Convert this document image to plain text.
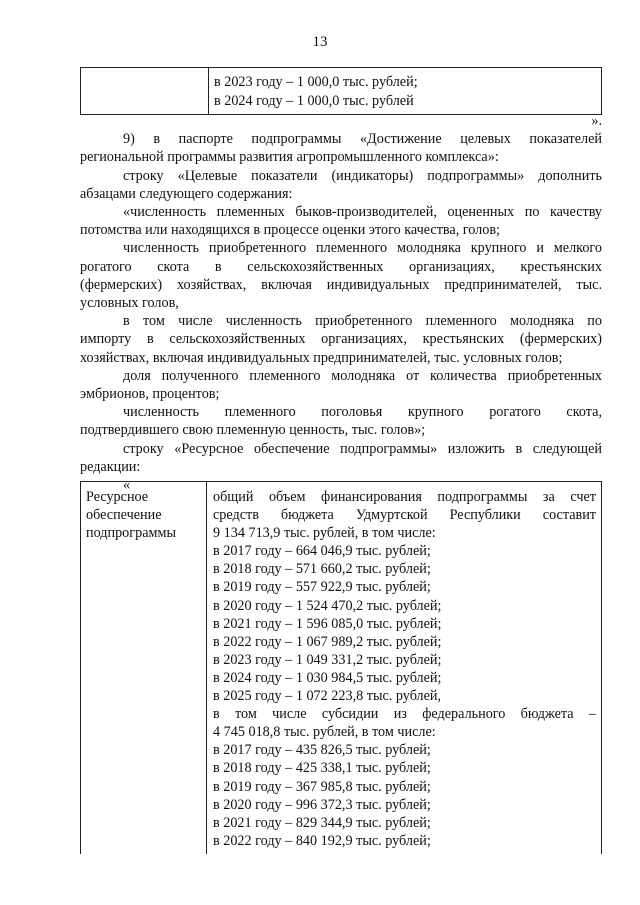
13

в 2023 году – 1 000,0 тыс. рублей;
в 2024 году – 1 000,0 тыс. рублей

».

9) в паспорте подпрограммы «Достижение целевых показателей

региональной программы развития агропромышленного комплекса»:

строку «Целевые показатели (индикаторы) подпрограммы» дополнить

абзацами следующего содержания:

«численность племенных быков-производителей, оцененных по качеству

потомства или находящихся в процессе оценки этого качества, голов;

численность приобретенного племенного молодняка крупного и мелкого

рогатого скота в сельскохозяйственных организациях, крестьянских

(фермерских) хозяйствах, включая индивидуальных предпринимателей, тыс.

условных голов,

в том числе численность приобретенного племенного молодняка по

импорту в сельскохозяйственных организациях, крестьянских (фермерских)

хозяйствах, включая индивидуальных предпринимателей, тыс. условных голов;

доля полученного племенного молодняка от количества приобретенных

эмбрионов, процентов;

численность племенного поголовья крупного рогатого скота,

подтвердившего свою племенную ценность, тыс. голов»;

строку «Ресурсное обеспечение подпрограммы» изложить в следующей

редакции:

«

Ресурсное обеспечение подпрограммы	
общий объем финансирования подпрограммы за счет
средств бюджета Удмуртской Республики составит
9 134 713,9 тыс. рублей, в том числе:
в 2017 году – 664 046,9 тыс. рублей;
в 2018 году – 571 660,2 тыс. рублей;
в 2019 году – 557 922,9 тыс. рублей;
в 2020 году – 1 524 470,2 тыс. рублей;
в 2021 году – 1 596 085,0 тыс. рублей;
в 2022 году – 1 067 989,2 тыс. рублей;
в 2023 году – 1 049 331,2 тыс. рублей;
в 2024 году – 1 030 984,5 тыс. рублей;
в 2025 году – 1 072 223,8 тыс. рублей,
в том числе субсидии из федерального бюджета –
4 745 018,8 тыс. рублей, в том числе:
в 2017 году – 435 826,5 тыс. рублей;
в 2018 году – 425 338,1 тыс. рублей;
в 2019 году – 367 985,8 тыс. рублей;
в 2020 году – 996 372,3 тыс. рублей;
в 2021 году – 829 344,9 тыс. рублей;
в 2022 году – 840 192,9 тыс. рублей;
